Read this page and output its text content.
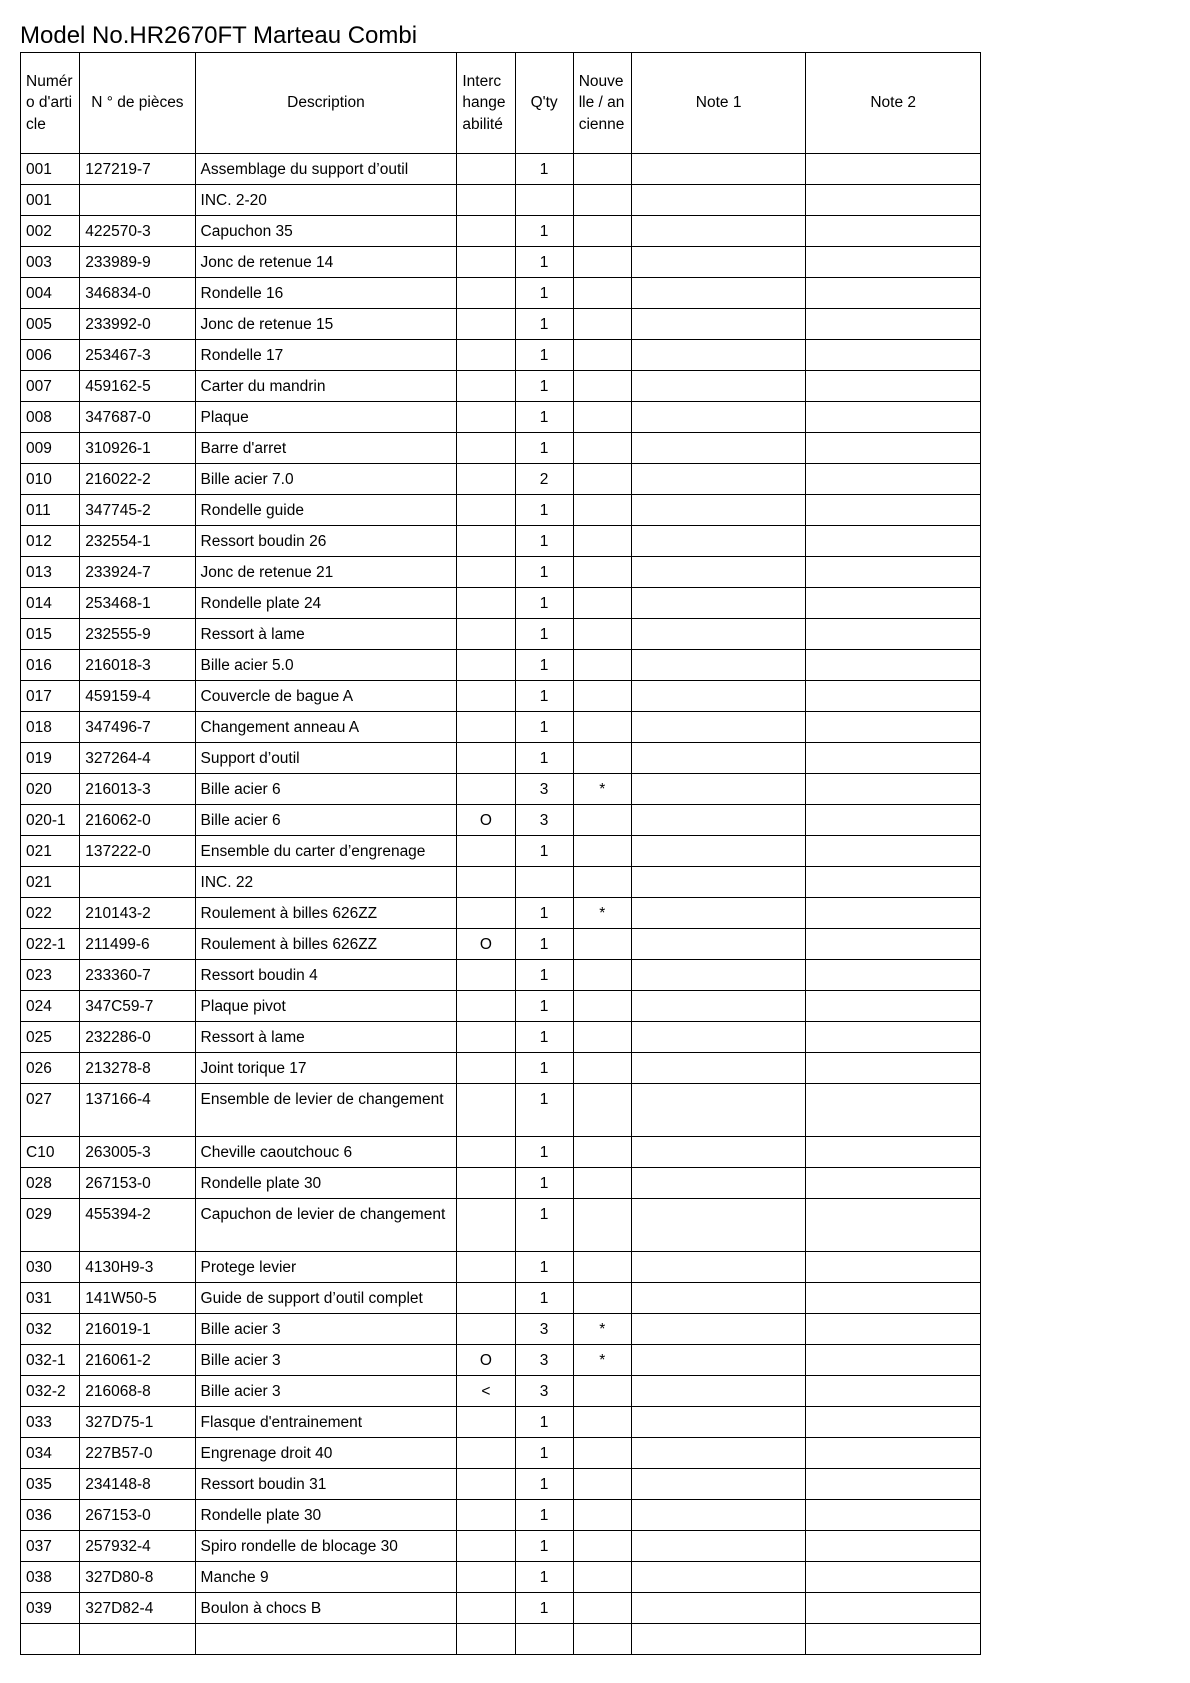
Model No.HR2670FT Marteau Combi
Numéro d'article	N ° de pièces	Description	Interchangeabilité	Q'ty	Nouvelle / ancienne	Note 1	Note 2
001	127219-7	Assemblage du support d’outil		1			
001		INC. 2-20					
002	422570-3	Capuchon 35		1			
003	233989-9	Jonc de retenue 14		1			
004	346834-0	Rondelle 16		1			
005	233992-0	Jonc de retenue 15		1			
006	253467-3	Rondelle 17		1			
007	459162-5	Carter du mandrin		1			
008	347687-0	Plaque		1			
009	310926-1	Barre d'arret		1			
010	216022-2	Bille acier 7.0		2			
011	347745-2	Rondelle guide		1			
012	232554-1	Ressort boudin 26		1			
013	233924-7	Jonc de retenue 21		1			
014	253468-1	Rondelle plate 24		1			
015	232555-9	Ressort à lame		1			
016	216018-3	Bille acier 5.0		1			
017	459159-4	Couvercle de bague A		1			
018	347496-7	Changement anneau A		1			
019	327264-4	Support d’outil		1			
020	216013-3	Bille acier 6		3	*		
020-1	216062-0	Bille acier 6	O	3			
021	137222-0	Ensemble du carter d’engrenage		1			
021		INC. 22					
022	210143-2	Roulement à billes 626ZZ		1	*		
022-1	211499-6	Roulement à billes 626ZZ	O	1			
023	233360-7	Ressort boudin 4		1			
024	347C59-7	Plaque pivot		1			
025	232286-0	Ressort à lame		1			
026	213278-8	Joint torique 17		1			
027	137166-4	Ensemble de levier de changement		1			
C10	263005-3	Cheville caoutchouc 6		1			
028	267153-0	Rondelle plate 30		1			
029	455394-2	Capuchon de levier de changement		1			
030	4130H9-3	Protege levier		1			
031	141W50-5	Guide de support d’outil complet		1			
032	216019-1	Bille acier 3		3	*		
032-1	216061-2	Bille acier 3	O	3	*		
032-2	216068-8	Bille acier 3	<	3			
033	327D75-1	Flasque d'entrainement		1			
034	227B57-0	Engrenage droit 40		1			
035	234148-8	Ressort boudin 31		1			
036	267153-0	Rondelle plate 30		1			
037	257932-4	Spiro rondelle de blocage 30		1			
038	327D80-8	Manche 9		1			
039	327D82-4	Boulon à chocs B		1			
